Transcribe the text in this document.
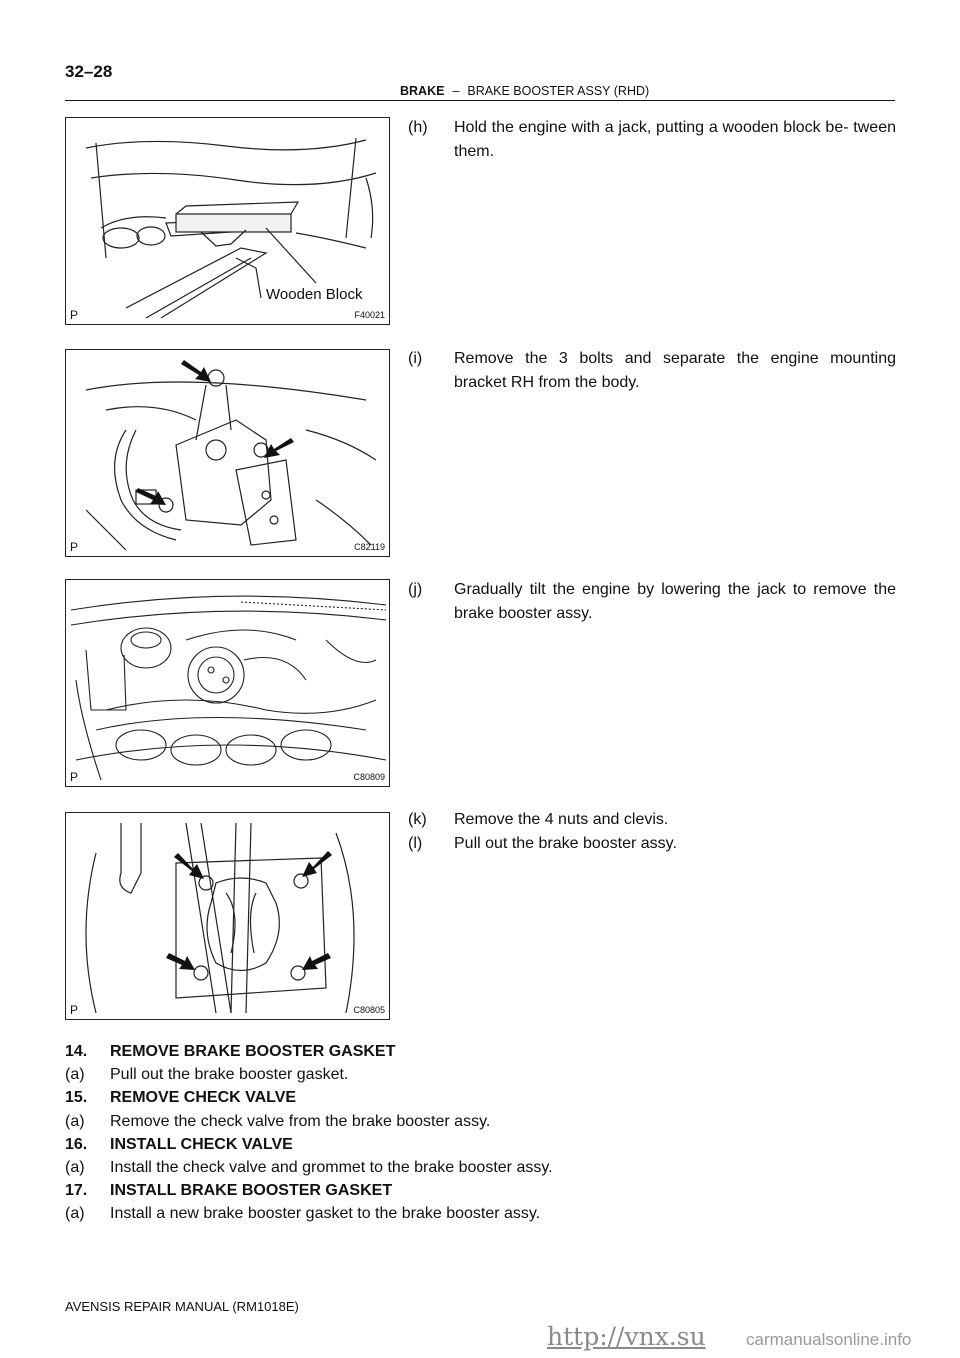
32–28
BRAKE – BRAKE BOOSTER ASSY (RHD)
Wooden Block
P	F40021
P	C82119
P	C80809
P	C80805
(h) Hold the engine with a jack, putting a wooden block be- tween them.
(i) Remove the 3 bolts and separate the engine mounting bracket RH from the body.
(j) Gradually tilt the engine by lowering the jack to remove the brake booster assy.
(k) Remove the 4 nuts and clevis.
(l) Pull out the brake booster assy.
14.	REMOVE BRAKE BOOSTER GASKET
(a)	Pull out the brake booster gasket.
15.	REMOVE CHECK VALVE
(a)	Remove the check valve from the brake booster assy.
16.	INSTALL CHECK VALVE
(a)	Install the check valve and grommet to the brake booster assy.
17.	INSTALL BRAKE BOOSTER GASKET
(a)	Install a new brake booster gasket to the brake booster assy.
AVENSIS REPAIR MANUAL (RM1018E)
http://vnx.su carmanualsonline.info
